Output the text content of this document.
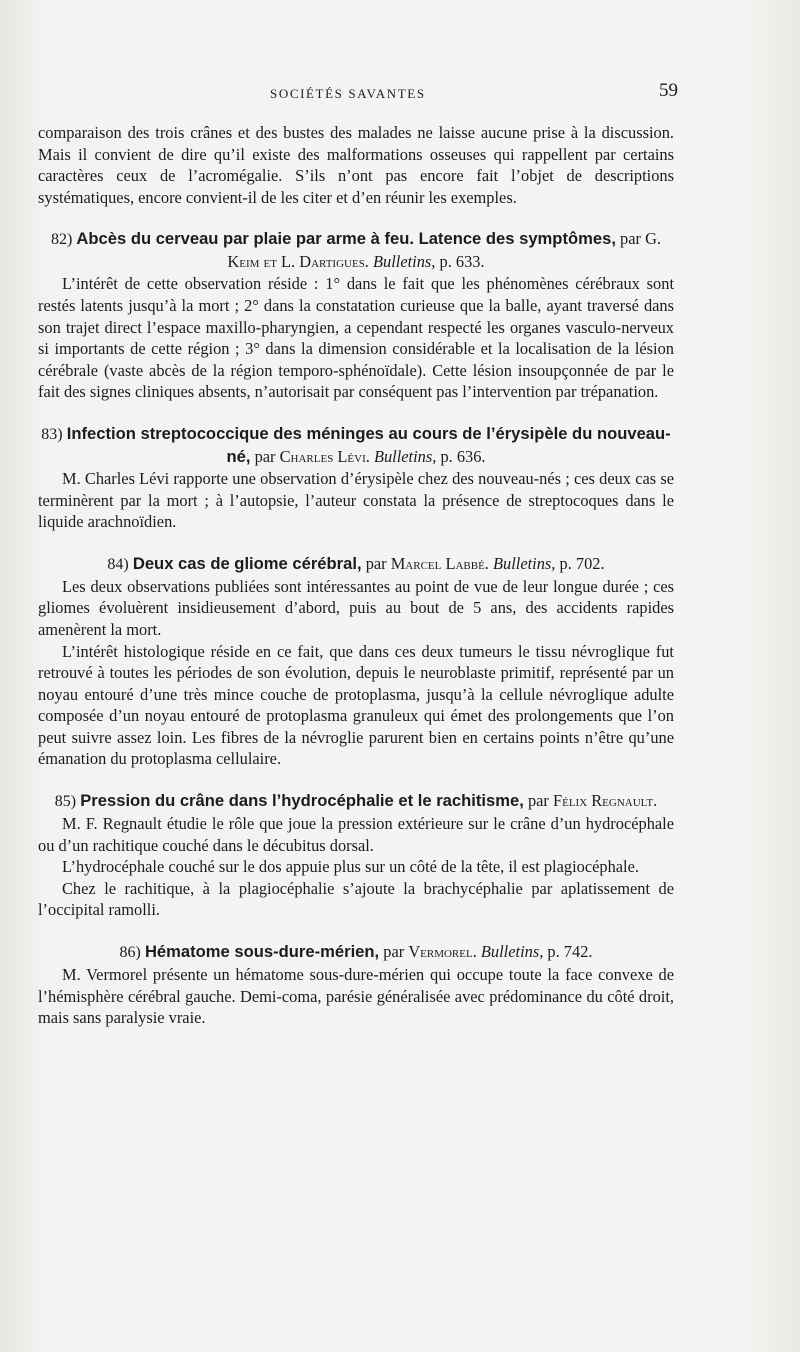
SOCIÉTÉS SAVANTES	59

comparaison des trois crânes et des bustes des malades ne laisse aucune prise à la discussion. Mais il convient de dire qu’il existe des malformations osseuses qui rappellent par certains caractères ceux de l’acromégalie. S’ils n’ont pas encore fait l’objet de descriptions systématiques, encore convient-il de les citer et d’en réunir les exemples.

82) Abcès du cerveau par plaie par arme à feu. Latence des symptômes, par G. Keim et L. Dartigues. Bulletins, p. 633.

L’intérêt de cette observation réside : 1° dans le fait que les phénomènes cérébraux sont restés latents jusqu’à la mort ; 2° dans la constatation curieuse que la balle, ayant traversé dans son trajet direct l’espace maxillo-pharyngien, a cependant respecté les organes vasculo-nerveux si importants de cette région ; 3° dans la dimension considérable et la localisation de la lésion cérébrale (vaste abcès de la région temporo-sphénoïdale). Cette lésion insoupçonnée de par le fait des signes cliniques absents, n’autorisait par conséquent pas l’intervention par trépanation.

83) Infection streptococcique des méninges au cours de l’érysipèle du nouveau-né, par Charles Lévi. Bulletins, p. 636.

M. Charles Lévi rapporte une observation d’érysipèle chez des nouveau-nés ; ces deux cas se terminèrent par la mort ; à l’autopsie, l’auteur constata la présence de streptocoques dans le liquide arachnoïdien.

84) Deux cas de gliome cérébral, par Marcel Labbé. Bulletins, p. 702.

Les deux observations publiées sont intéressantes au point de vue de leur longue durée ; ces gliomes évoluèrent insidieusement d’abord, puis au bout de 5 ans, des accidents rapides amenèrent la mort.

L’intérêt histologique réside en ce fait, que dans ces deux tumeurs le tissu névroglique fut retrouvé à toutes les périodes de son évolution, depuis le neuroblaste primitif, représenté par un noyau entouré d’une très mince couche de protoplasma, jusqu’à la cellule névroglique adulte composée d’un noyau entouré de protoplasma granuleux qui émet des prolongements que l’on peut suivre assez loin. Les fibres de la névroglie parurent bien en certains points n’être qu’une émanation du protoplasma cellulaire.

85) Pression du crâne dans l’hydrocéphalie et le rachitisme, par Félix Regnault.

M. F. Regnault étudie le rôle que joue la pression extérieure sur le crâne d’un hydrocéphale ou d’un rachitique couché dans le décubitus dorsal.

L’hydrocéphale couché sur le dos appuie plus sur un côté de la tête, il est plagiocéphale.

Chez le rachitique, à la plagiocéphalie s’ajoute la brachycéphalie par aplatissement de l’occipital ramolli.

86) Hématome sous-dure-mérien, par Vermorel. Bulletins, p. 742.

M. Vermorel présente un hématome sous-dure-mérien qui occupe toute la face convexe de l’hémisphère cérébral gauche. Demi-coma, parésie généralisée avec prédominance du côté droit, mais sans paralysie vraie.
